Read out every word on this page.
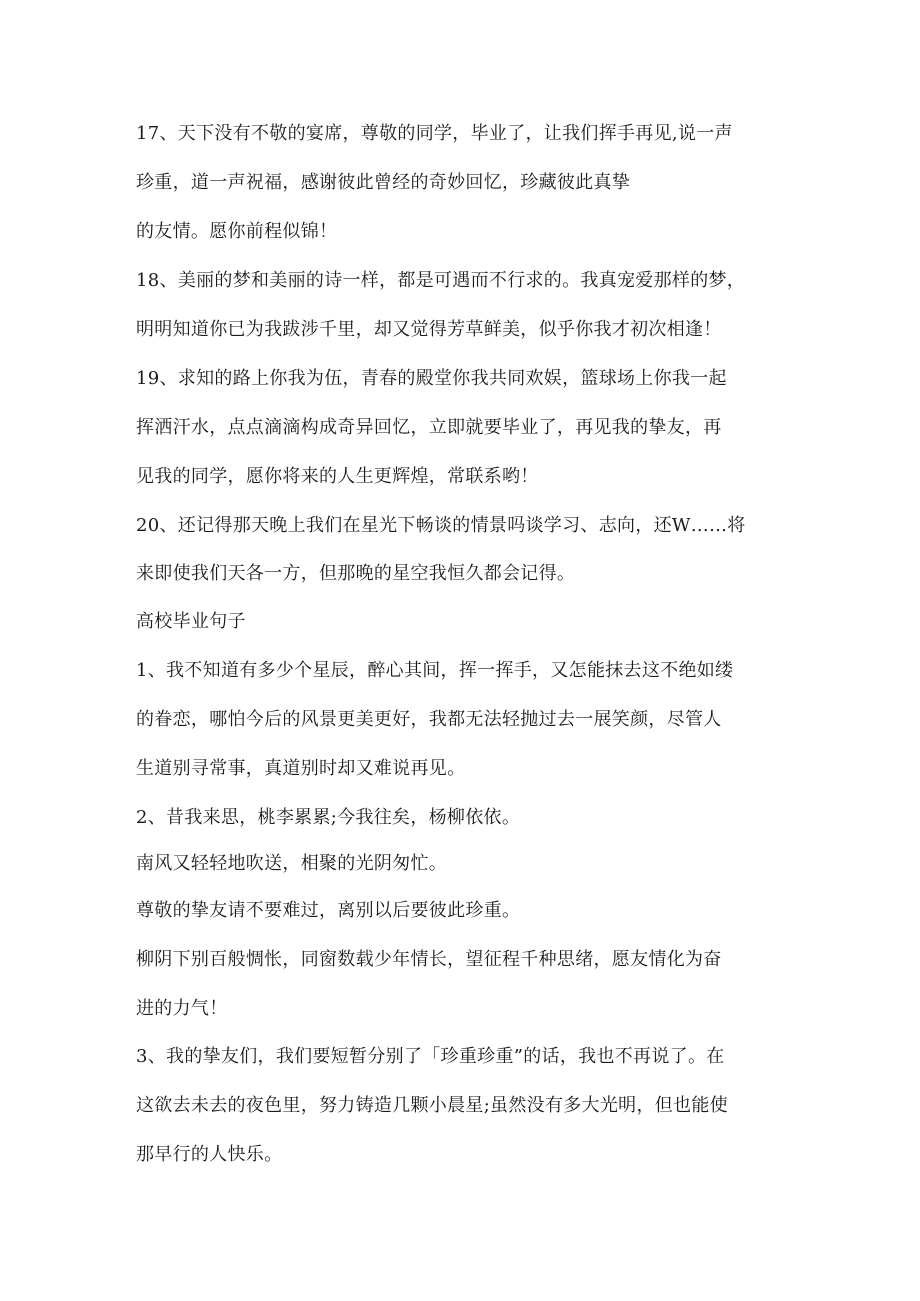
17、天下没有不敬的宴席，尊敬的同学，毕业了，让我们挥手再见,说一声

珍重，道一声祝福，感谢彼此曾经的奇妙回忆，珍藏彼此真挚

的友情。愿你前程似锦！

18、美丽的梦和美丽的诗一样，都是可遇而不行求的。我真宠爱那样的梦，

明明知道你已为我跋涉千里，却又觉得芳草鲜美，似乎你我才初次相逢！

19、求知的路上你我为伍，青春的殿堂你我共同欢娱，篮球场上你我一起

挥洒汗水，点点滴滴构成奇异回忆，立即就要毕业了，再见我的挚友，再

见我的同学，愿你将来的人生更辉煌，常联系哟！

20、还记得那天晚上我们在星光下畅谈的情景吗谈学习、志向，还W……将

来即使我们天各一方，但那晚的星空我恒久都会记得。

高校毕业句子

1、我不知道有多少个星辰，醉心其间，挥一挥手，又怎能抹去这不绝如缕

的眷恋，哪怕今后的风景更美更好，我都无法轻抛过去一展笑颜，尽管人

生道别寻常事，真道别时却又难说再见。

2、昔我来思，桃李累累;今我往矣，杨柳依依。

南风又轻轻地吹送，相聚的光阴匆忙。

尊敬的挚友请不要难过，离别以后要彼此珍重。

柳阴下别百般惆怅，同窗数载少年情长，望征程千种思绪，愿友情化为奋

进的力气！

3、我的挚友们，我们要短暂分别了「珍重珍重”的话，我也不再说了。在

这欲去未去的夜色里，努力铸造几颗小晨星;虽然没有多大光明，但也能使

那早行的人快乐。
